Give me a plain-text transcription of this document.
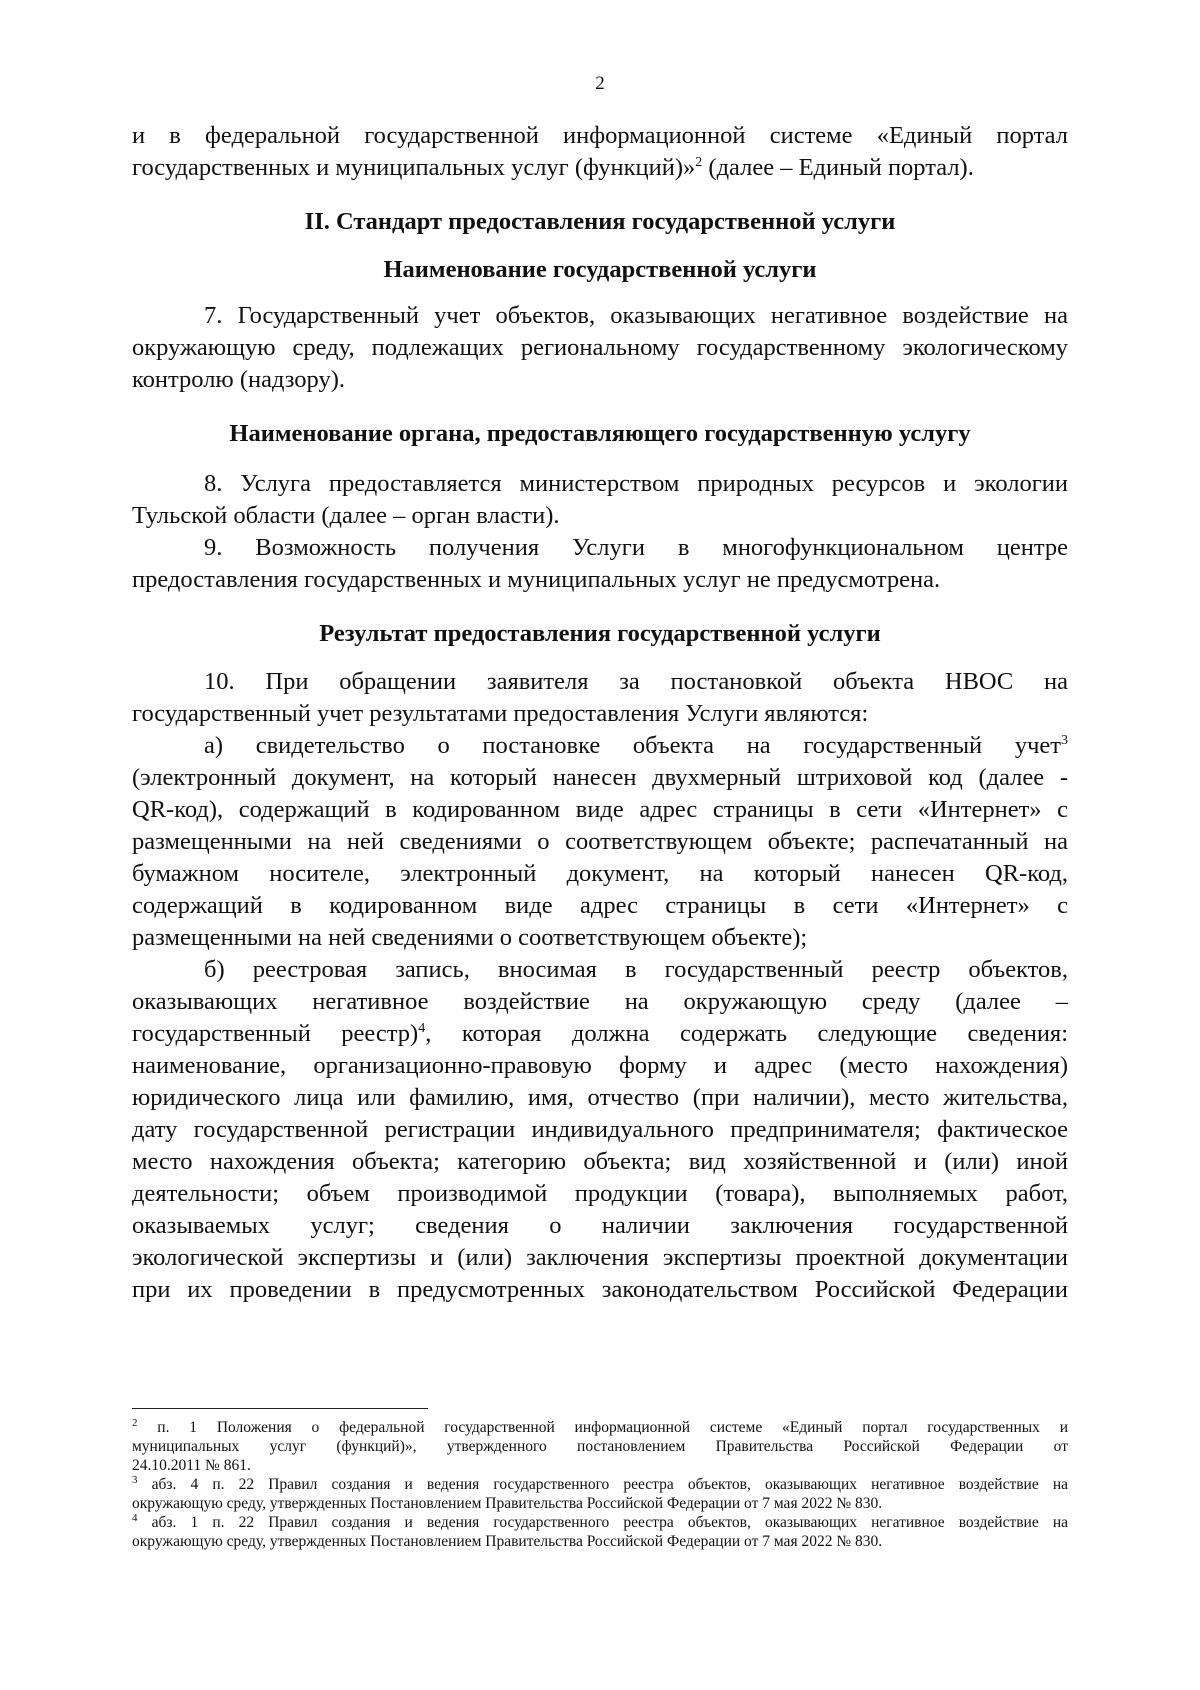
2

и в федеральной государственной информационной системе «Единый портал

государственных и муниципальных услуг (функций)»$^2$ (далее – Единый портал).

II. Стандарт предоставления государственной услуги

Наименование государственной услуги

7. Государственный учет объектов, оказывающих негативное воздействие на

окружающую среду, подлежащих региональному государственному экологическому

контролю (надзору).

Наименование органа, предоставляющего государственную услугу

8. Услуга предоставляется министерством природных ресурсов и экологии

Тульской области (далее – орган власти).

9. Возможность получения Услуги в многофункциональном центре

предоставления государственных и муниципальных услуг не предусмотрена.

Результат предоставления государственной услуги

10. При обращении заявителя за постановкой объекта НВОС на

государственный учет результатами предоставления Услуги являются:

а) свидетельство о постановке объекта на государственный учет$^3$

(электронный документ, на который нанесен двухмерный штриховой код (далее -

QR-код), содержащий в кодированном виде адрес страницы в сети «Интернет» с

размещенными на ней сведениями о соответствующем объекте; распечатанный на

бумажном носителе, электронный документ, на который нанесен QR-код,

содержащий в кодированном виде адрес страницы в сети «Интернет» с

размещенными на ней сведениями о соответствующем объекте);

б) реестровая запись, вносимая в государственный реестр объектов,

оказывающих негативное воздействие на окружающую среду (далее –

государственный реестр)$^4$, которая должна содержать следующие сведения:

наименование, организационно-правовую форму и адрес (место нахождения)

юридического лица или фамилию, имя, отчество (при наличии), место жительства,

дату государственной регистрации индивидуального предпринимателя; фактическое

место нахождения объекта; категорию объекта; вид хозяйственной и (или) иной

деятельности; объем производимой продукции (товара), выполняемых работ,

оказываемых услуг; сведения о наличии заключения государственной

экологической экспертизы и (или) заключения экспертизы проектной документации

при их проведении в предусмотренных законодательством Российской Федерации

$^2$ п. 1 Положения о федеральной государственной информационной системе «Единый портал государственных и

муниципальных услуг (функций)», утвержденного постановлением Правительства Российской Федерации от

24.10.2011 № 861.

$^3$ абз. 4 п. 22 Правил создания и ведения государственного реестра объектов, оказывающих негативное воздействие на

окружающую среду, утвержденных Постановлением Правительства Российской Федерации от 7 мая 2022 № 830.

$^4$ абз. 1 п. 22 Правил создания и ведения государственного реестра объектов, оказывающих негативное воздействие на

окружающую среду, утвержденных Постановлением Правительства Российской Федерации от 7 мая 2022 № 830.
